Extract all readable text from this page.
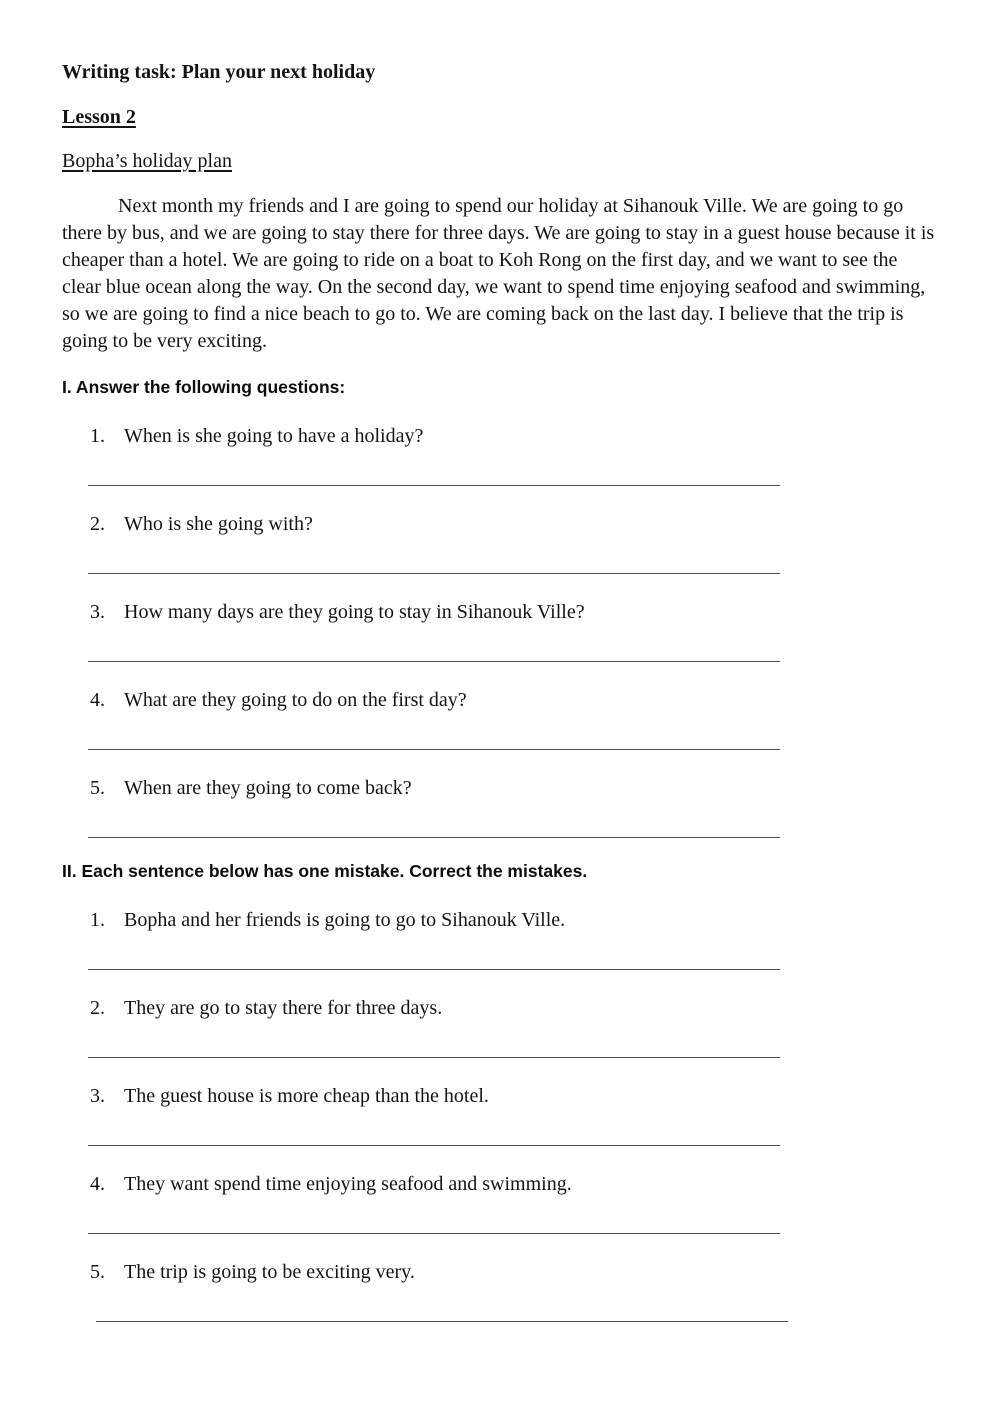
Writing task: Plan your next holiday
Lesson 2
Bopha’s holiday plan

Next month my friends and I are going to spend our holiday at Sihanouk Ville. We are going to go there by bus, and we are going to stay there for three days. We are going to stay in a guest house because it is cheaper than a hotel. We are going to ride on a boat to Koh Rong on the first day, and we want to see the clear blue ocean along the way. On the second day, we want to spend time enjoying seafood and swimming, so we are going to find a nice beach to go to. We are coming back on the last day. I believe that the trip is going to be very exciting.

I. Answer the following questions:
1. When is she going to have a holiday?
2. Who is she going with?
3. How many days are they going to stay in Sihanouk Ville?
4. What are they going to do on the first day?
5. When are they going to come back?
II. Each sentence below has one mistake. Correct the mistakes.
1. Bopha and her friends is going to go to Sihanouk Ville.
2. They are go to stay there for three days.
3. The guest house is more cheap than the hotel.
4. They want spend time enjoying seafood and swimming.
5. The trip is going to be exciting very.
